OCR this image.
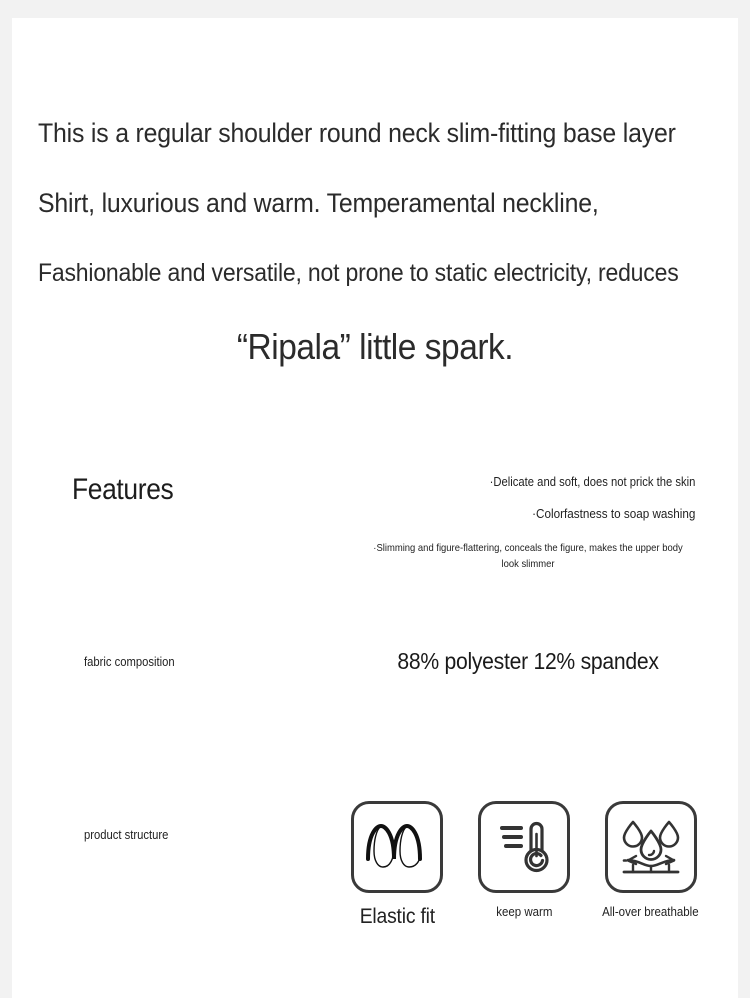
This is a regular shoulder round neck slim-fitting base layer
Shirt, luxurious and warm. Temperamental neckline,
Fashionable and versatile, not prone to static electricity, reduces
“Ripala” little spark.
Features	·Delicate and soft, does not prick the skin
·Colorfastness to soap washing
·Slimming and figure-flattering, conceals the figure, makes the upper body look slimmer
fabric composition	88% polyester 12% spandex
product structure
Elastic fit	keep warm	All-over breathable
